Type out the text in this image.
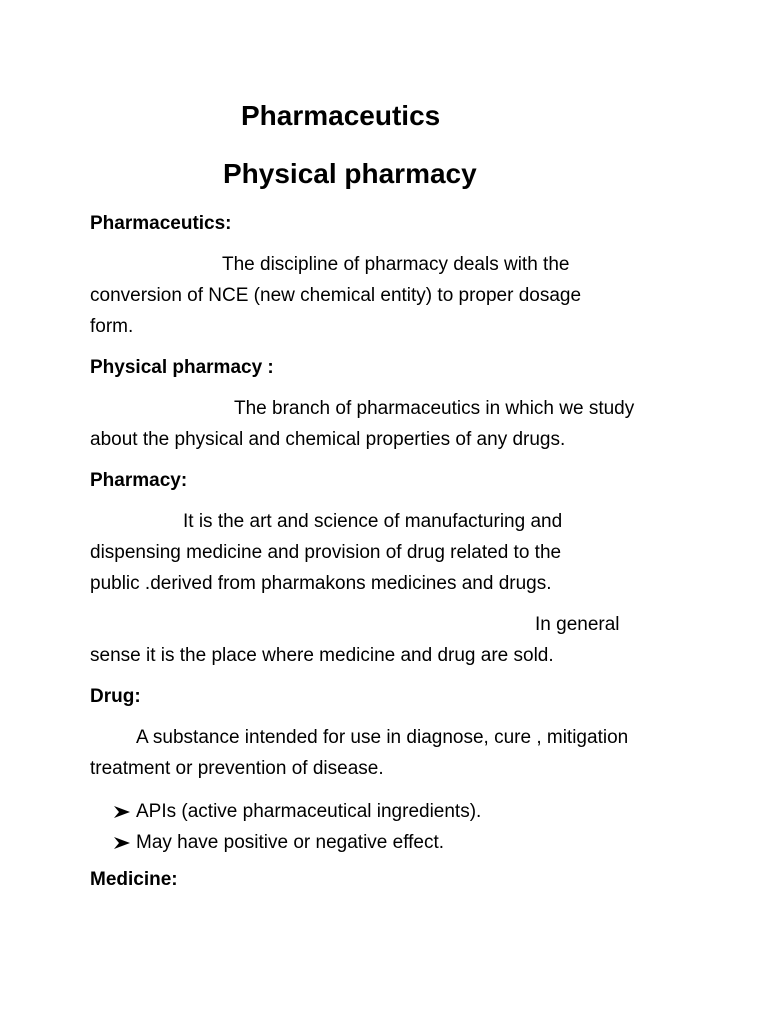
Pharmaceutics
Physical pharmacy
Pharmaceutics:
The discipline of pharmacy deals with the
conversion of NCE (new chemical entity) to proper dosage
form.
Physical pharmacy :
The branch of pharmaceutics in which we study
about the physical and chemical properties of any drugs.
Pharmacy:
It is the art and science of manufacturing and
dispensing medicine and provision of drug related to the
public .derived from pharmakons medicines and drugs.
In general
sense it is the place where medicine and drug are sold.
Drug:
A substance intended for use in diagnose, cure , mitigation
treatment or prevention of disease.
APIs (active pharmaceutical ingredients).
May have positive or negative effect.
Medicine:
